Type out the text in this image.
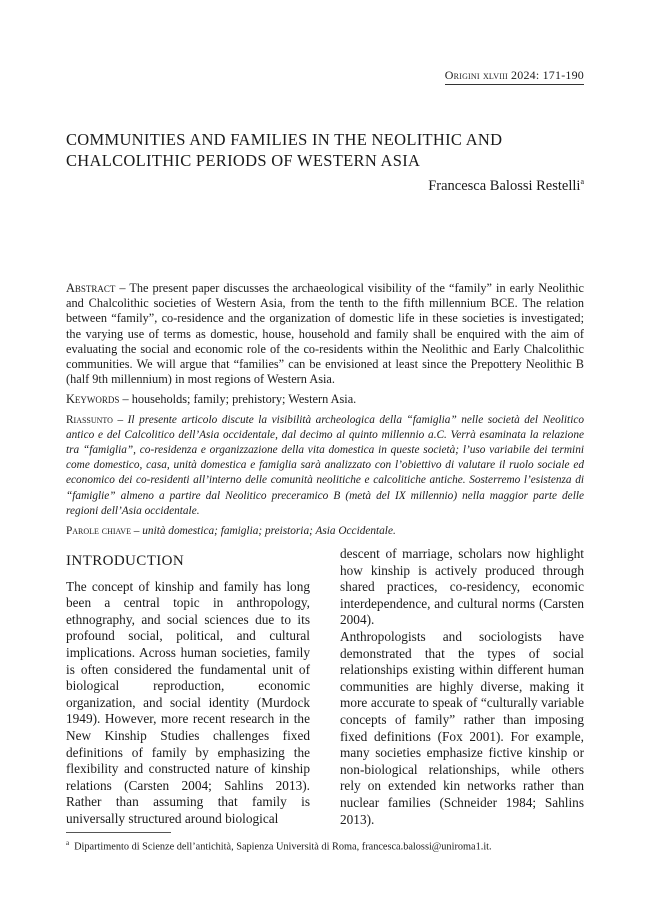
Origini xlviii 2024: 171-190
COMMUNITIES AND FAMILIES IN THE NEOLITHIC AND CHALCOLITHIC PERIODS OF WESTERN ASIA
Francesca Balossi Restelli$^a$

Abstract – The present paper discusses the archaeological visibility of the “family” in early Neolithic and Chalcolithic societies of Western Asia, from the tenth to the fifth millennium BCE. The relation between “family”, co-residence and the organization of domestic life in these societies is investigated; the varying use of terms as domestic, house, household and family shall be enquired with the aim of evaluating the social and economic role of the co-residents within the Neolithic and Early Chalcolithic communities. We will argue that “families” can be envisioned at least since the Prepottery Neolithic B (half 9th millennium) in most regions of Western Asia.

Keywords – households; family; prehistory; Western Asia.

Riassunto – Il presente articolo discute la visibilità archeologica della “famiglia” nelle società del Neolitico antico e del Calcolitico dell’Asia occidentale, dal decimo al quinto millennio a.C. Verrà esaminata la relazione tra “famiglia”, co-residenza e organizzazione della vita domestica in queste società; l’uso variabile dei termini come domestico, casa, unità domestica e famiglia sarà analizzato con l’obiettivo di valutare il ruolo sociale ed economico dei co-residenti all’interno delle comunità neolitiche e calcolitiche antiche. Sosterremo l’esistenza di “famiglie” almeno a partire dal Neolitico preceramico B (metà del IX millennio) nella maggior parte delle regioni dell’Asia occidentale.

Parole chiave – unità domestica; famiglia; preistoria; Asia Occidentale.

INTRODUCTION

The concept of kinship and family has long been a central topic in anthropology, ethnography, and social sciences due to its profound social, political, and cultural implications. Across human societies, family is often considered the fundamental unit of biological reproduction, economic organization, and social identity (Murdock 1949). However, more recent research in the New Kinship Studies challenges fixed definitions of family by emphasizing the flexibility and constructed nature of kinship relations (Carsten 2004; Sahlins 2013). Rather than assuming that family is universally structured around biological

descent of marriage, scholars now highlight how kinship is actively produced through shared practices, co-residency, economic interdependence, and cultural norms (Carsten 2004).

Anthropologists and sociologists have demonstrated that the types of social relationships existing within different human communities are highly diverse, making it more accurate to speak of “culturally variable concepts of family” rather than imposing fixed definitions (Fox 2001). For example, many societies emphasize fictive kinship or non-biological relationships, while others rely on extended kin networks rather than nuclear families (Schneider 1984; Sahlins 2013).

$^a$ Dipartimento di Scienze dell’antichità, Sapienza Università di Roma, francesca.balossi@uniroma1.it.
